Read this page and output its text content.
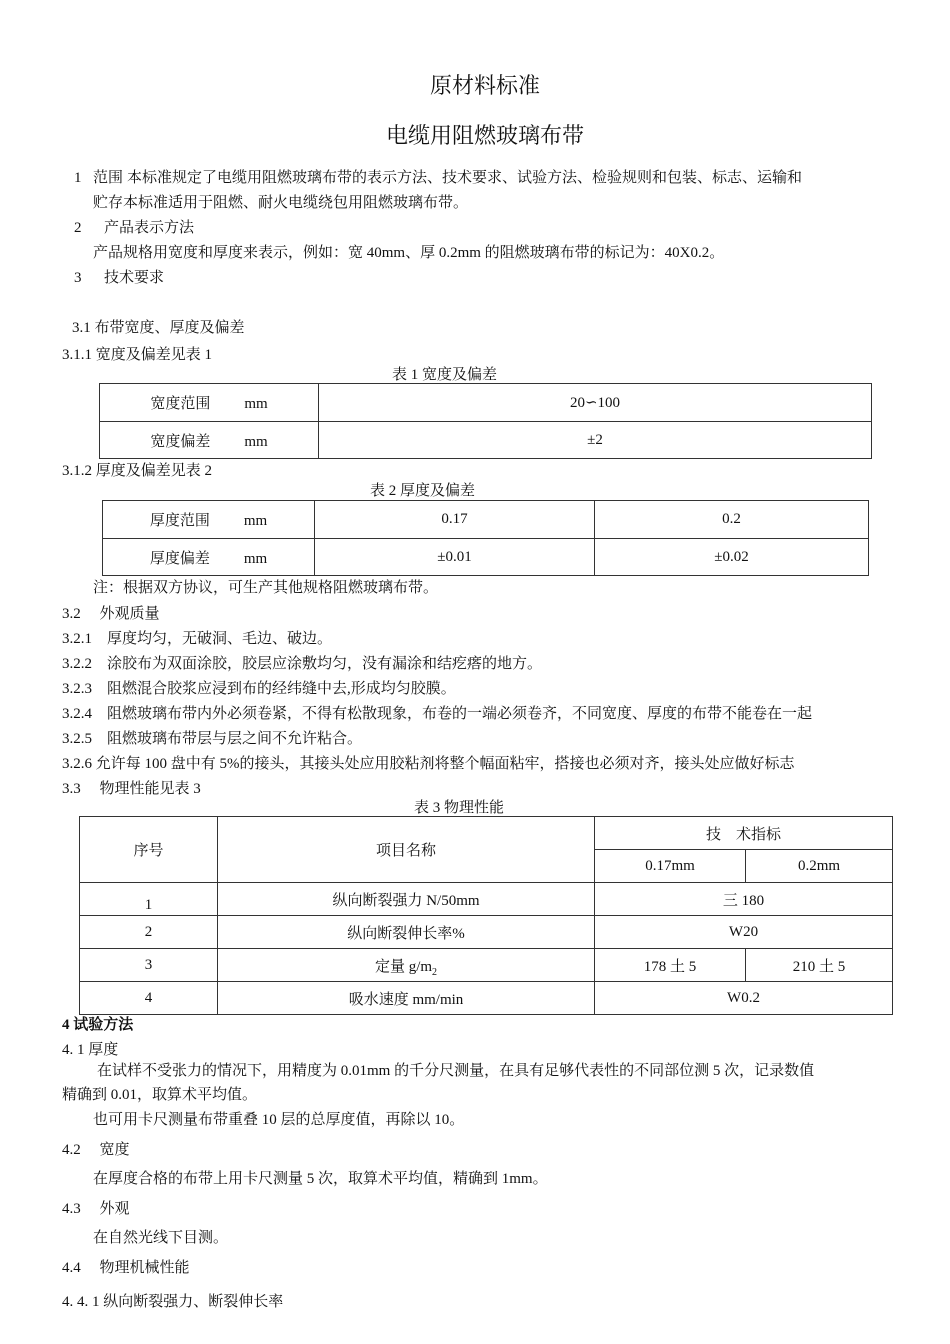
原材料标准
电缆用阻燃玻璃布带
1 范围 本标准规定了电缆用阻燃玻璃布带的表示方法、技术要求、试验方法、检验规则和包装、标志、运输和
贮存本标准适用于阻燃、耐火电缆绕包用阻燃玻璃布带。
2 产品表示方法
产品规格用宽度和厚度来表示，例如：宽 40mm、厚 0.2mm 的阻燃玻璃布带的标记为：40X0.2。
3 技术要求
3.1 布带宽度、厚度及偏差
3.1.1 宽度及偏差见表 1
表 1 宽度及偏差
宽度范围 mm	20∽100
宽度偏差 mm	±2
3.1.2 厚度及偏差见表 2
表 2 厚度及偏差
厚度范围 mm	0.17	0.2
厚度偏差 mm	±0.01	±0.02
注：根据双方协议，可生产其他规格阻燃玻璃布带。
3.2　 外观质量
3.2.1　厚度均匀，无破洞、毛边、破边。
3.2.2　涂胶布为双面涂胶，胶层应涂敷均匀，没有漏涂和结疙瘩的地方。
3.2.3　阻燃混合胶浆应浸到布的经纬缝中去,形成均匀胶膜。
3.2.4　阻燃玻璃布带内外必须卷紧，不得有松散现象，布卷的一端必须卷齐，不同宽度、厚度的布带不能卷在一起
3.2.5　阻燃玻璃布带层与层之间不允许粘合。
3.2.6 允许每 100 盘中有 5%的接头，其接头处应用胶粘剂将整个幅面粘牢，搭接也必须对齐，接头处应做好标志
3.3　 物理性能见表 3
表 3 物理性能
序号	项目名称	技　术指标	
		0.17mm	0.2mm
1	纵向断裂强力 N/50mm	三 180	
2	纵向断裂伸长率%	W20	
3	定量 $g/m_2$	178 土 5	210 土 5
4	吸水速度 mm/min	W0.2	
4 试验方法
4. 1 厚度
在试样不受张力的情况下，用精度为 0.01mm 的千分尺测量，在具有足够代表性的不同部位测 5 次，记录数值
精确到 0.01，取算术平均值。
也可用卡尺测量布带重叠 10 层的总厚度值，再除以 10。
4.2　 宽度
在厚度合格的布带上用卡尺测量 5 次，取算术平均值，精确到 1mm。
4.3　 外观
在自然光线下目测。
4.4　 物理机械性能
4. 4. 1 纵向断裂强力、断裂伸长率
